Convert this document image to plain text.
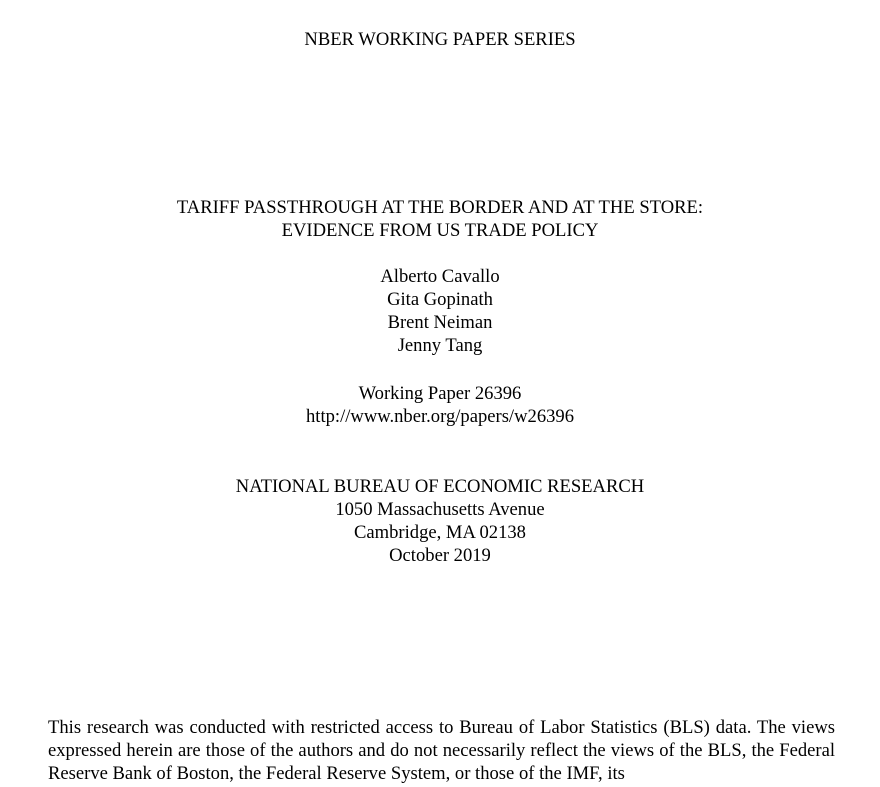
NBER WORKING PAPER SERIES
TARIFF PASSTHROUGH AT THE BORDER AND AT THE STORE:
EVIDENCE FROM US TRADE POLICY
Alberto Cavallo
Gita Gopinath
Brent Neiman
Jenny Tang
Working Paper 26396
http://www.nber.org/papers/w26396
NATIONAL BUREAU OF ECONOMIC RESEARCH
1050 Massachusetts Avenue
Cambridge, MA 02138
October 2019
This research was conducted with restricted access to Bureau of Labor Statistics (BLS) data. The views expressed herein are those of the authors and do not necessarily reflect the views of the BLS, the Federal Reserve Bank of Boston, the Federal Reserve System, or those of the IMF, its
